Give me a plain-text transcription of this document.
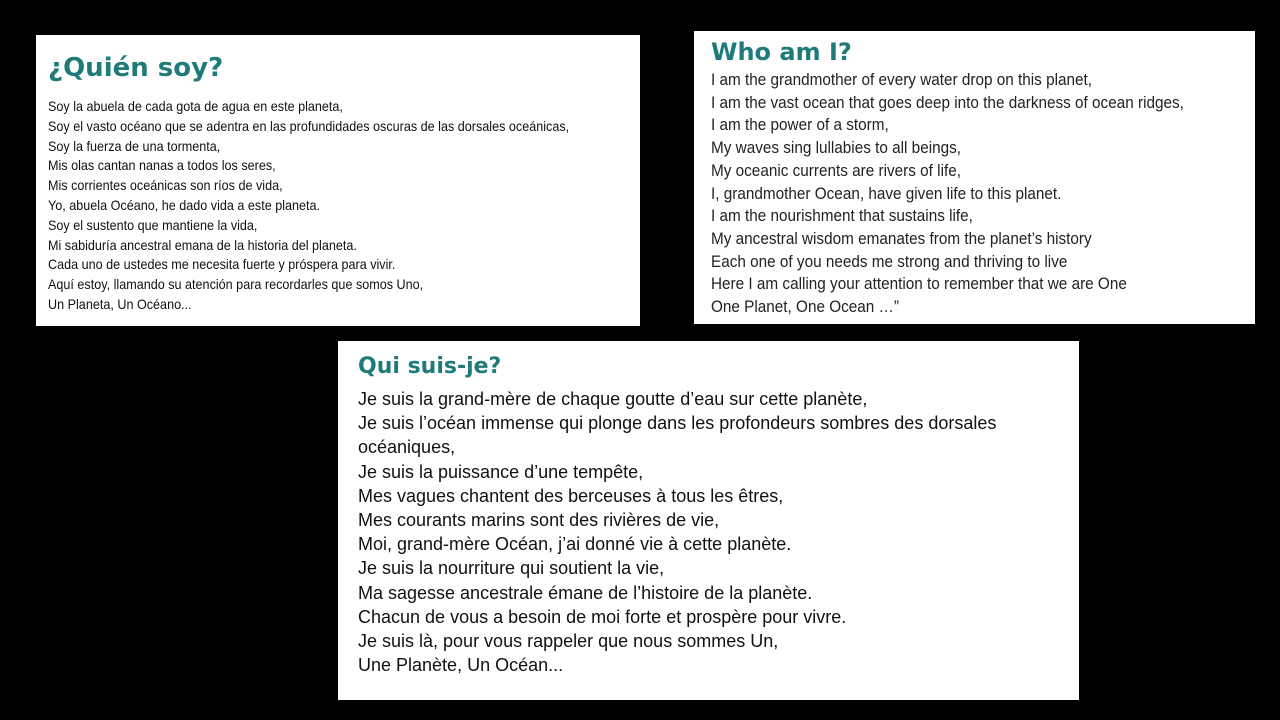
¿Quién soy?
Soy la abuela de cada gota de agua en este planeta,
Soy el vasto océano que se adentra en las profundidades oscuras de las dorsales oceánicas,
Soy la fuerza de una tormenta,
Mis olas cantan nanas a todos los seres,
Mis corrientes oceánicas son ríos de vida,
Yo, abuela Océano, he dado vida a este planeta.
Soy el sustento que mantiene la vida,
Mi sabiduría ancestral emana de la historia del planeta.
Cada uno de ustedes me necesita fuerte y próspera para vivir.
Aquí estoy, llamando su atención para recordarles que somos Uno,
Un Planeta, Un Océano...
Who am I?
I am the grandmother of every water drop on this planet,
I am the vast ocean that goes deep into the darkness of ocean ridges,
I am the power of a storm,
My waves sing lullabies to all beings,
My oceanic currents are rivers of life,
I, grandmother Ocean, have given life to this planet.
I am the nourishment that sustains life,
My ancestral wisdom emanates from the planet’s history
Each one of you needs me strong and thriving to live
Here I am calling your attention to remember that we are One
One Planet, One Ocean …”
Qui suis-je?
Je suis la grand-mère de chaque goutte d’eau sur cette planète,
Je suis l’océan immense qui plonge dans les profondeurs sombres des dorsales
océaniques,
Je suis la puissance d’une tempête,
Mes vagues chantent des berceuses à tous les êtres,
Mes courants marins sont des rivières de vie,
Moi, grand-mère Océan, j’ai donné vie à cette planète.
Je suis la nourriture qui soutient la vie,
Ma sagesse ancestrale émane de l’histoire de la planète.
Chacun de vous a besoin de moi forte et prospère pour vivre.
Je suis là, pour vous rappeler que nous sommes Un,
Une Planète, Un Océan...
